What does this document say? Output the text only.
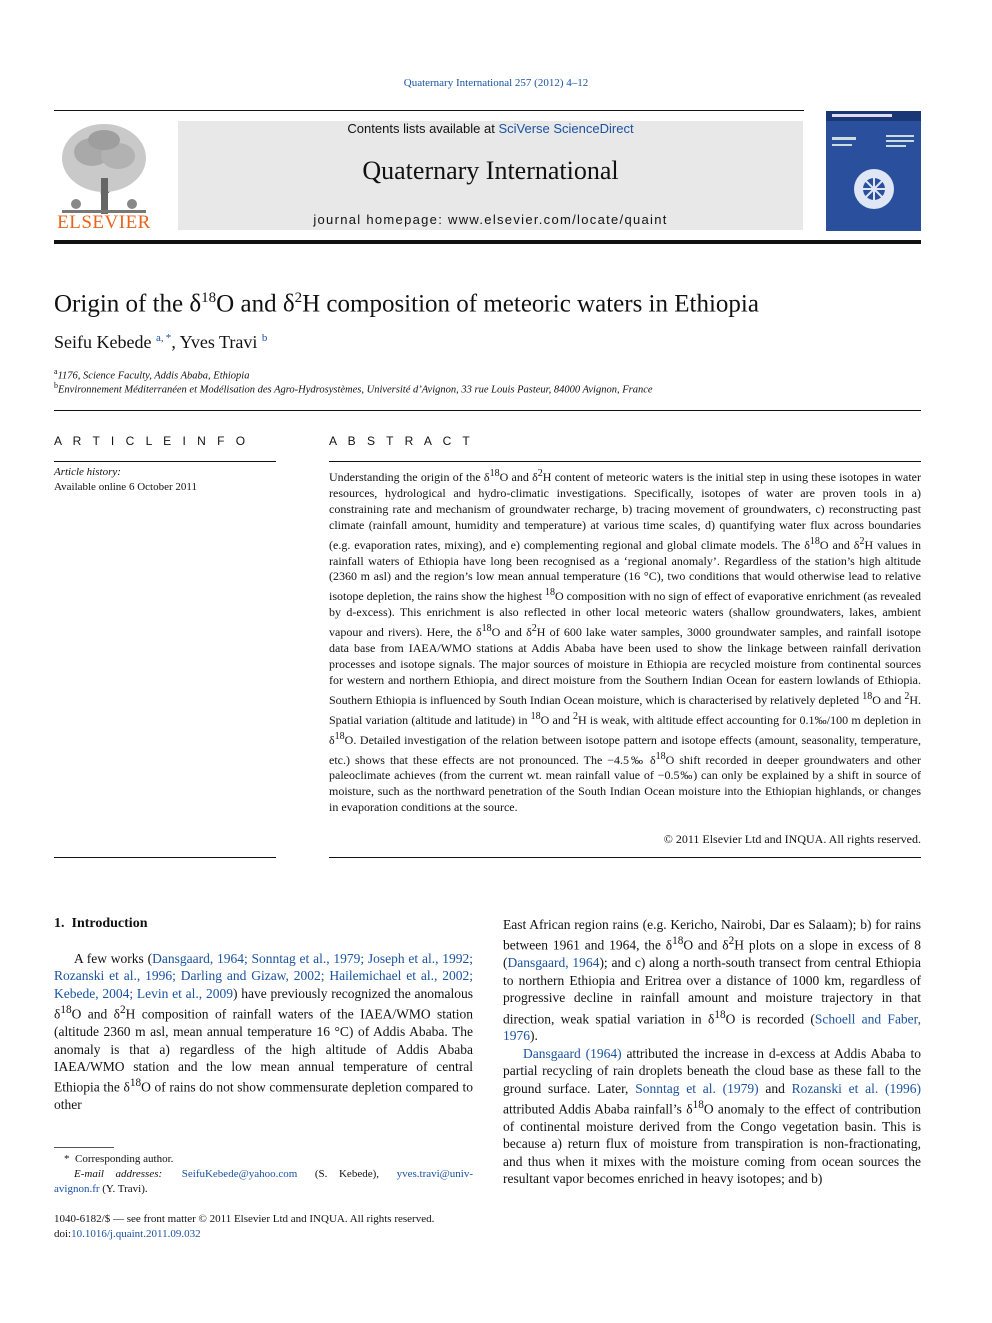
Quaternary International 257 (2012) 4–12
ELSEVIER
Contents lists available at SciVerse ScienceDirect
Quaternary International
journal homepage: www.elsevier.com/locate/quaint
Origin of the $\delta^{18}O$ and $\delta^2H$ composition of meteoric waters in Ethiopia
Seifu Kebede $^{a, *}$, Yves Travi $^b$
$^a$1176, Science Faculty, Addis Ababa, Ethiopia
$^b$Environnement Méditerranéen et Modélisation des Agro-Hydrosystèmes, Université d’Avignon, 33 rue Louis Pasteur, 84000 Avignon, France
A R T I C L E I N F O
Article history:
Available online 6 October 2011
A B S T R A C T
Understanding the origin of the $\delta^{18}O$ and $\delta^2H$ content of meteoric waters is the initial step in using these isotopes in water resources, hydrological and hydro-climatic investigations. Specifically, isotopes of water are proven tools in a) constraining rate and mechanism of groundwater recharge, b) tracing movement of groundwaters, c) reconstructing past climate (rainfall amount, humidity and temperature) at various time scales, d) quantifying water flux across boundaries (e.g. evaporation rates, mixing), and e) complementing regional and global climate models. The $\delta^{18}O$ and $\delta^2H$ values in rainfall waters of Ethiopia have long been recognised as a ‘regional anomaly’. Regardless of the station’s high altitude (2360 m asl) and the region’s low mean annual temperature (16 °C), two conditions that would otherwise lead to relative isotope depletion, the rains show the highest $^{18}$O composition with no sign of effect of evaporative enrichment (as revealed by d-excess). This enrichment is also reflected in other local meteoric waters (shallow groundwaters, lakes, ambient vapour and rivers). Here, the $\delta^{18}O$ and $\delta^2H$ of 600 lake water samples, 3000 groundwater samples, and rainfall isotope data base from IAEA/WMO stations at Addis Ababa have been used to show the linkage between rainfall derivation processes and isotope signals. The major sources of moisture in Ethiopia are recycled moisture from continental sources for western and northern Ethiopia, and direct moisture from the Southern Indian Ocean for eastern lowlands of Ethiopia. Southern Ethiopia is influenced by South Indian Ocean moisture, which is characterised by relatively depleted $^{18}$O and $^2$H. Spatial variation (altitude and latitude) in $^{18}$O and $^2$H is weak, with altitude effect accounting for 0.1‰/100 m depletion in $\delta^{18}O$. Detailed investigation of the relation between isotope pattern and isotope effects (amount, seasonality, temperature, etc.) shows that these effects are not pronounced. The −4.5‰ $\delta^{18}O$ shift recorded in deeper groundwaters and other paleoclimate achieves (from the current wt. mean rainfall value of −0.5‰) can only be explained by a shift in source of moisture, such as the northward penetration of the South Indian Ocean moisture into the Ethiopian highlands, or changes in evaporation conditions at the source.
© 2011 Elsevier Ltd and INQUA. All rights reserved.
1. Introduction

A few works (Dansgaard, 1964; Sonntag et al., 1979; Joseph et al., 1992; Rozanski et al., 1996; Darling and Gizaw, 2002; Hailemichael et al., 2002; Kebede, 2004; Levin et al., 2009) have previously recognized the anomalous $\delta^{18}O$ and $\delta^2H$ composition of rainfall waters of the IAEA/WMO station (altitude 2360 m asl, mean annual temperature 16 °C) of Addis Ababa. The anomaly is that a) regardless of the high altitude of Addis Ababa IAEA/WMO station and the low mean annual temperature of central Ethiopia the $\delta^{18}O$ of rains do not show commensurate depletion compared to other

*  Corresponding author.
E-mail addresses: SeifuKebede@yahoo.com (S. Kebede), yves.travi@univ-avignon.fr (Y. Travi).
1040-6182/$ — see front matter © 2011 Elsevier Ltd and INQUA. All rights reserved.
doi:10.1016/j.quaint.2011.09.032

East African region rains (e.g. Kericho, Nairobi, Dar es Salaam); b) for rains between 1961 and 1964, the $\delta^{18}O$ and $\delta^2H$ plots on a slope in excess of 8 (Dansgaard, 1964); and c) along a north-south transect from central Ethiopia to northern Ethiopia and Eritrea over a distance of 1000 km, regardless of progressive decline in rainfall amount and moisture trajectory in that direction, weak spatial variation in $\delta^{18}O$ is recorded (Schoell and Faber, 1976).

Dansgaard (1964) attributed the increase in d-excess at Addis Ababa to partial recycling of rain droplets beneath the cloud base as these fall to the ground surface. Later, Sonntag et al. (1979) and Rozanski et al. (1996) attributed Addis Ababa rainfall’s $\delta^{18}O$ anomaly to the effect of contribution of continental moisture derived from the Congo vegetation basin. This is because a) return flux of moisture from transpiration is non-fractionating, and thus when it mixes with the moisture coming from ocean sources the resultant vapor becomes enriched in heavy isotopes; and b)
